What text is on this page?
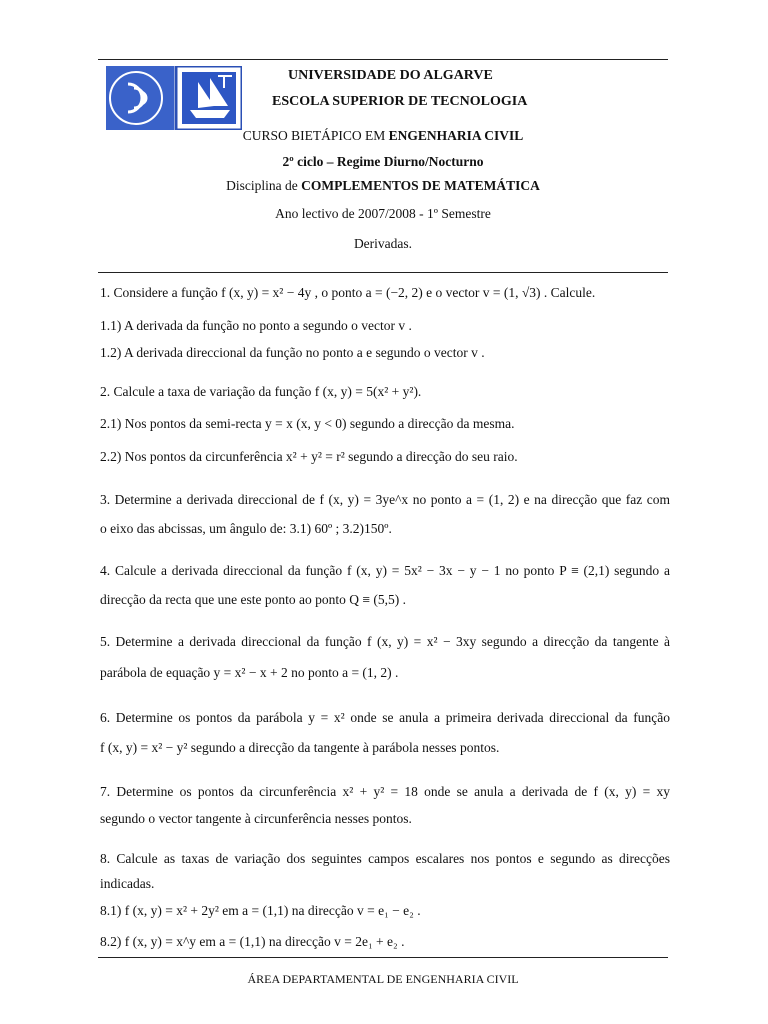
UNIVERSIDADE DO ALGARVE
ESCOLA SUPERIOR DE TECNOLOGIA
CURSO BIETÁPICO EM ENGENHARIA CIVIL
2º ciclo – Regime Diurno/Nocturno
Disciplina de COMPLEMENTOS DE MATEMÁTICA
Ano lectivo de 2007/2008 - 1º Semestre
Derivadas.
1. Considere a função f (x, y) = x² − 4y , o ponto a = (−2, 2) e o vector v = (1, √3) . Calcule.
1.1) A derivada da função no ponto a segundo o vector v .
1.2) A derivada direccional da função no ponto a e segundo o vector v .
2. Calcule a taxa de variação da função f (x, y) = 5(x² + y²).
2.1) Nos pontos da semi-recta y = x (x, y < 0) segundo a direcção da mesma.
2.2) Nos pontos da circunferência x² + y² = r² segundo a direcção do seu raio.
3. Determine a derivada direccional de f (x, y) = 3ye^x no ponto a = (1, 2) e na direcção que faz com
o eixo das abcissas, um ângulo de: 3.1) 60º ; 3.2)150º.
4. Calcule a derivada direccional da função f (x, y) = 5x² − 3x − y − 1 no ponto P ≡ (2,1) segundo a
direcção da recta que une este ponto ao ponto Q ≡ (5,5) .
5. Determine a derivada direccional da função f (x, y) = x² − 3xy segundo a direcção da tangente à
parábola de equação y = x² − x + 2 no ponto a = (1, 2) .
6. Determine os pontos da parábola y = x² onde se anula a primeira derivada direccional da função
f (x, y) = x² − y² segundo a direcção da tangente à parábola nesses pontos.
7. Determine os pontos da circunferência x² + y² = 18 onde se anula a derivada de f (x, y) = xy
segundo o vector tangente à circunferência nesses pontos.
8. Calcule as taxas de variação dos seguintes campos escalares nos pontos e segundo as direcções
indicadas.
8.1) f (x, y) = x² + 2y² em a = (1,1) na direcção v = e₁ − e₂ .
8.2) f (x, y) = x^y em a = (1,1) na direcção v = 2e₁ + e₂ .
ÁREA DEPARTAMENTAL DE ENGENHARIA CIVIL
